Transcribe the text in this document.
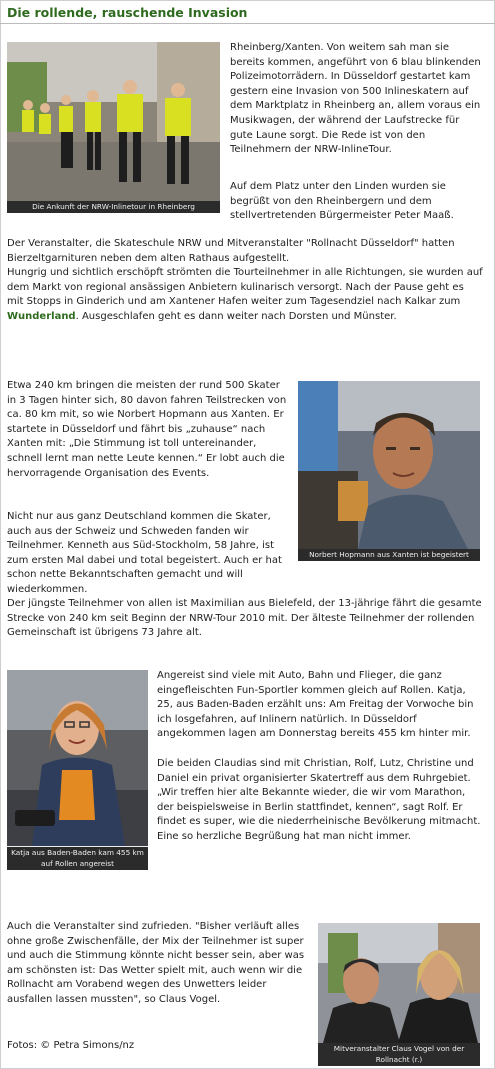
Die rollende, rauschende Invasion
Die Ankunft der NRW-Inlinetour in Rheinberg

Rheinberg/Xanten. Von weitem sah man sie bereits kommen, angeführt von 6 blau blinkenden Polizeimotorrädern. In Düsseldorf gestartet kam gestern eine Invasion von 500 Inlineskatern auf dem Marktplatz in Rheinberg an, allem voraus ein Musikwagen, der während der Laufstrecke für gute Laune sorgt. Die Rede ist von den Teilnehmern der NRW-InlineTour.

Auf dem Platz unter den Linden wurden sie begrüßt von den Rheinbergern und dem stellvertretenden Bürgermeister Peter Maaß.

Der Veranstalter, die Skateschule NRW und Mitveranstalter "Rollnacht Düsseldorf" hatten Bierzeltgarnituren neben dem alten Rathaus aufgestellt.

Hungrig und sichtlich erschöpft strömten die Tourteilnehmer in alle Richtungen, sie wurden auf dem Markt von regional ansässigen Anbietern kulinarisch versorgt. Nach der Pause geht es mit Stopps in Ginderich und am Xantener Hafen weiter zum Tagesendziel nach Kalkar zum Wunderland. Ausgeschlafen geht es dann weiter nach Dorsten und Münster.

Etwa 240 km bringen die meisten der rund 500 Skater in 3 Tagen hinter sich, 80 davon fahren Teilstrecken von ca. 80 km mit, so wie Norbert Hopmann aus Xanten. Er startete in Düsseldorf und fährt bis „zuhause“ nach Xanten mit: „Die Stimmung ist toll untereinander, schnell lernt man nette Leute kennen.“ Er lobt auch die hervorragende Organisation des Events.

Nicht nur aus ganz Deutschland kommen die Skater, auch aus der Schweiz und Schweden fanden wir Teilnehmer. Kenneth aus Süd-Stockholm, 58 Jahre, ist zum ersten Mal dabei und total begeistert. Auch er hat schon nette Bekanntschaften gemacht und will wiederkommen.

Norbert Hopmann aus Xanten ist begeistert

Der jüngste Teilnehmer von allen ist Maximilian aus Bielefeld, der 13-jährige fährt die gesamte Strecke von 240 km seit Beginn der NRW-Tour 2010 mit. Der älteste Teilnehmer der rollenden Gemeinschaft ist übrigens 73 Jahre alt.

Katja aus Baden-Baden kam 455 km auf Rollen angereist

Angereist sind viele mit Auto, Bahn und Flieger, die ganz eingefleischten Fun-Sportler kommen gleich auf Rollen. Katja, 25, aus Baden-Baden erzählt uns: Am Freitag der Vorwoche bin ich losgefahren, auf Inlinern natürlich. In Düsseldorf angekommen lagen am Donnerstag bereits 455 km hinter mir.

Die beiden Claudias sind mit Christian, Rolf, Lutz, Christine und Daniel ein privat organisierter Skatertreff aus dem Ruhrgebiet. „Wir treffen hier alte Bekannte wieder, die wir vom Marathon, der beispielsweise in Berlin stattfindet, kennen“, sagt Rolf. Er findet es super, wie die niederrheinische Bevölkerung mitmacht. Eine so herzliche Begrüßung hat man nicht immer.

Auch die Veranstalter sind zufrieden. "Bisher verläuft alles ohne große Zwischenfälle, der Mix der Teilnehmer ist super und auch die Stimmung könnte nicht besser sein, aber was am schönsten ist: Das Wetter spielt mit, auch wenn wir die Rollnacht am Vorabend wegen des Unwetters leider ausfallen lassen mussten", so Claus Vogel.

Mitveranstalter Claus Vogel von der Rollnacht (r.)

Fotos: © Petra Simons/nz
